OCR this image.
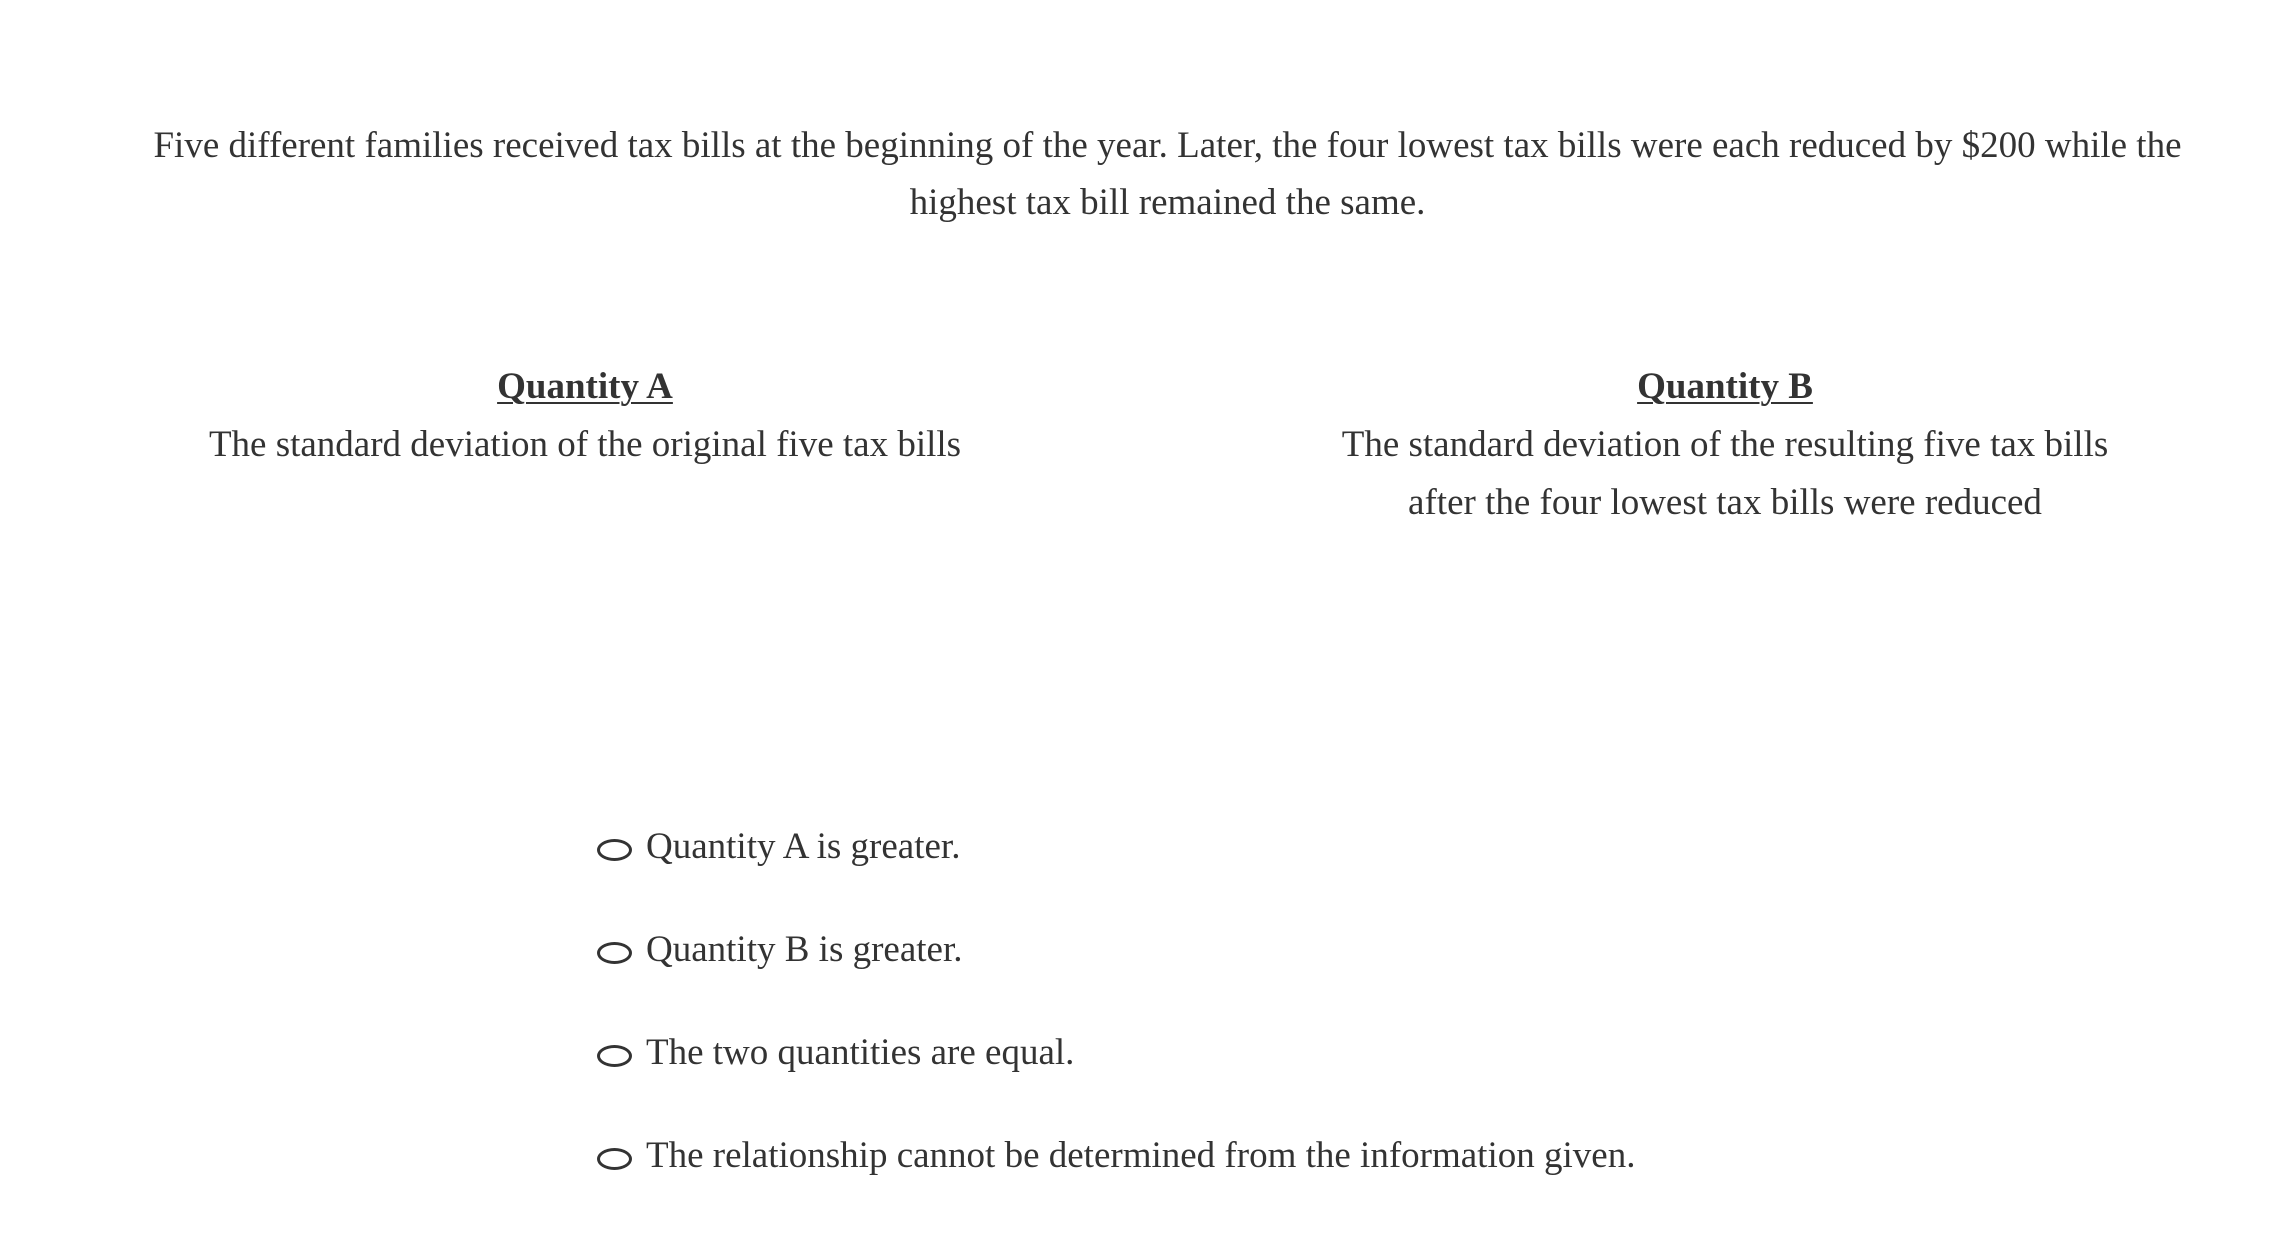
Five different families received tax bills at the beginning of the year. Later, the four lowest tax bills were each reduced by $200 while the highest tax bill remained the same.
Quantity A
The standard deviation of the original five tax bills
Quantity B
The standard deviation of the resulting five tax bills
after the four lowest tax bills were reduced
Quantity A is greater.
Quantity B is greater.
The two quantities are equal.
The relationship cannot be determined from the information given.
